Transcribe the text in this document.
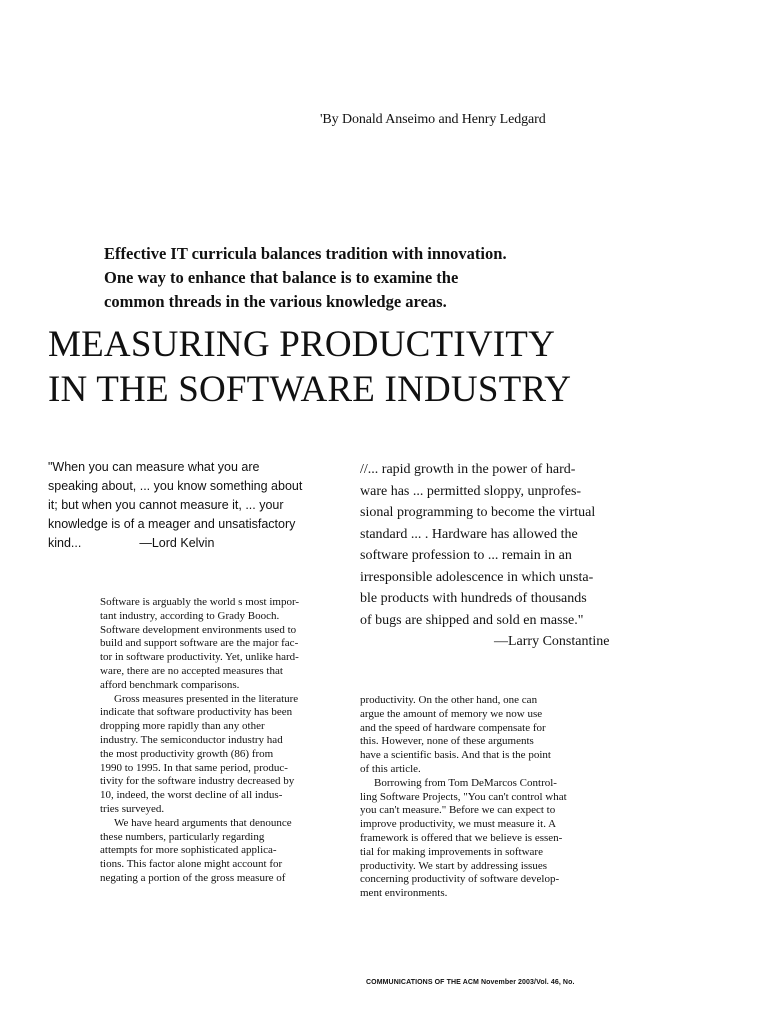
'By Donald Anseimo and Henry Ledgard
Effective IT curricula balances tradition with innovation.
One way to enhance that balance is to examine the
common threads in the various knowledge areas.
MEASURING PRODUCTIVITY
IN THE SOFTWARE INDUSTRY
"When you can measure what you are
speaking about, ... you know something about
it; but when you cannot measure it, ... your
knowledge is of a meager and unsatisfactory
kind...	—Lord Kelvin
//... rapid growth in the power of hard-
ware has ... permitted sloppy, unprofes-
sional programming to become the virtual
standard ... . Hardware has allowed the
software profession to ... remain in an
irresponsible adolescence in which unsta-
ble products with hundreds of thousands
of bugs are shipped and sold en masse."
—Larry Constantine
Software is arguably the world s most impor-
tant industry, according to Grady Booch.
Software development environments used to
build and support software are the major fac-
tor in software productivity. Yet, unlike hard-
ware, there are no accepted measures that
afford benchmark comparisons.
Gross measures presented in the literature
indicate that software productivity has been
dropping more rapidly than any other
industry. The semiconductor industry had
the most productivity growth (86) from
1990 to 1995. In that same period, produc-
tivity for the software industry decreased by
10, indeed, the worst decline of all indus-
tries surveyed.
We have heard arguments that denounce
these numbers, particularly regarding
attempts for more sophisticated applica-
tions. This factor alone might account for
negating a portion of the gross measure of
productivity. On the other hand, one can
argue the amount of memory we now use
and the speed of hardware compensate for
this. However, none of these arguments
have a scientific basis. And that is the point
of this article.
Borrowing from Tom DeMarcos Control-
ling Software Projects, "You can't control what
you can't measure." Before we can expect to
improve productivity, we must measure it. A
framework is offered that we believe is essen-
tial for making improvements in software
productivity. We start by addressing issues
concerning productivity of software develop-
ment environments.
COMMUNICATIONS OF THE ACM November 2003/Vol. 46, No.
